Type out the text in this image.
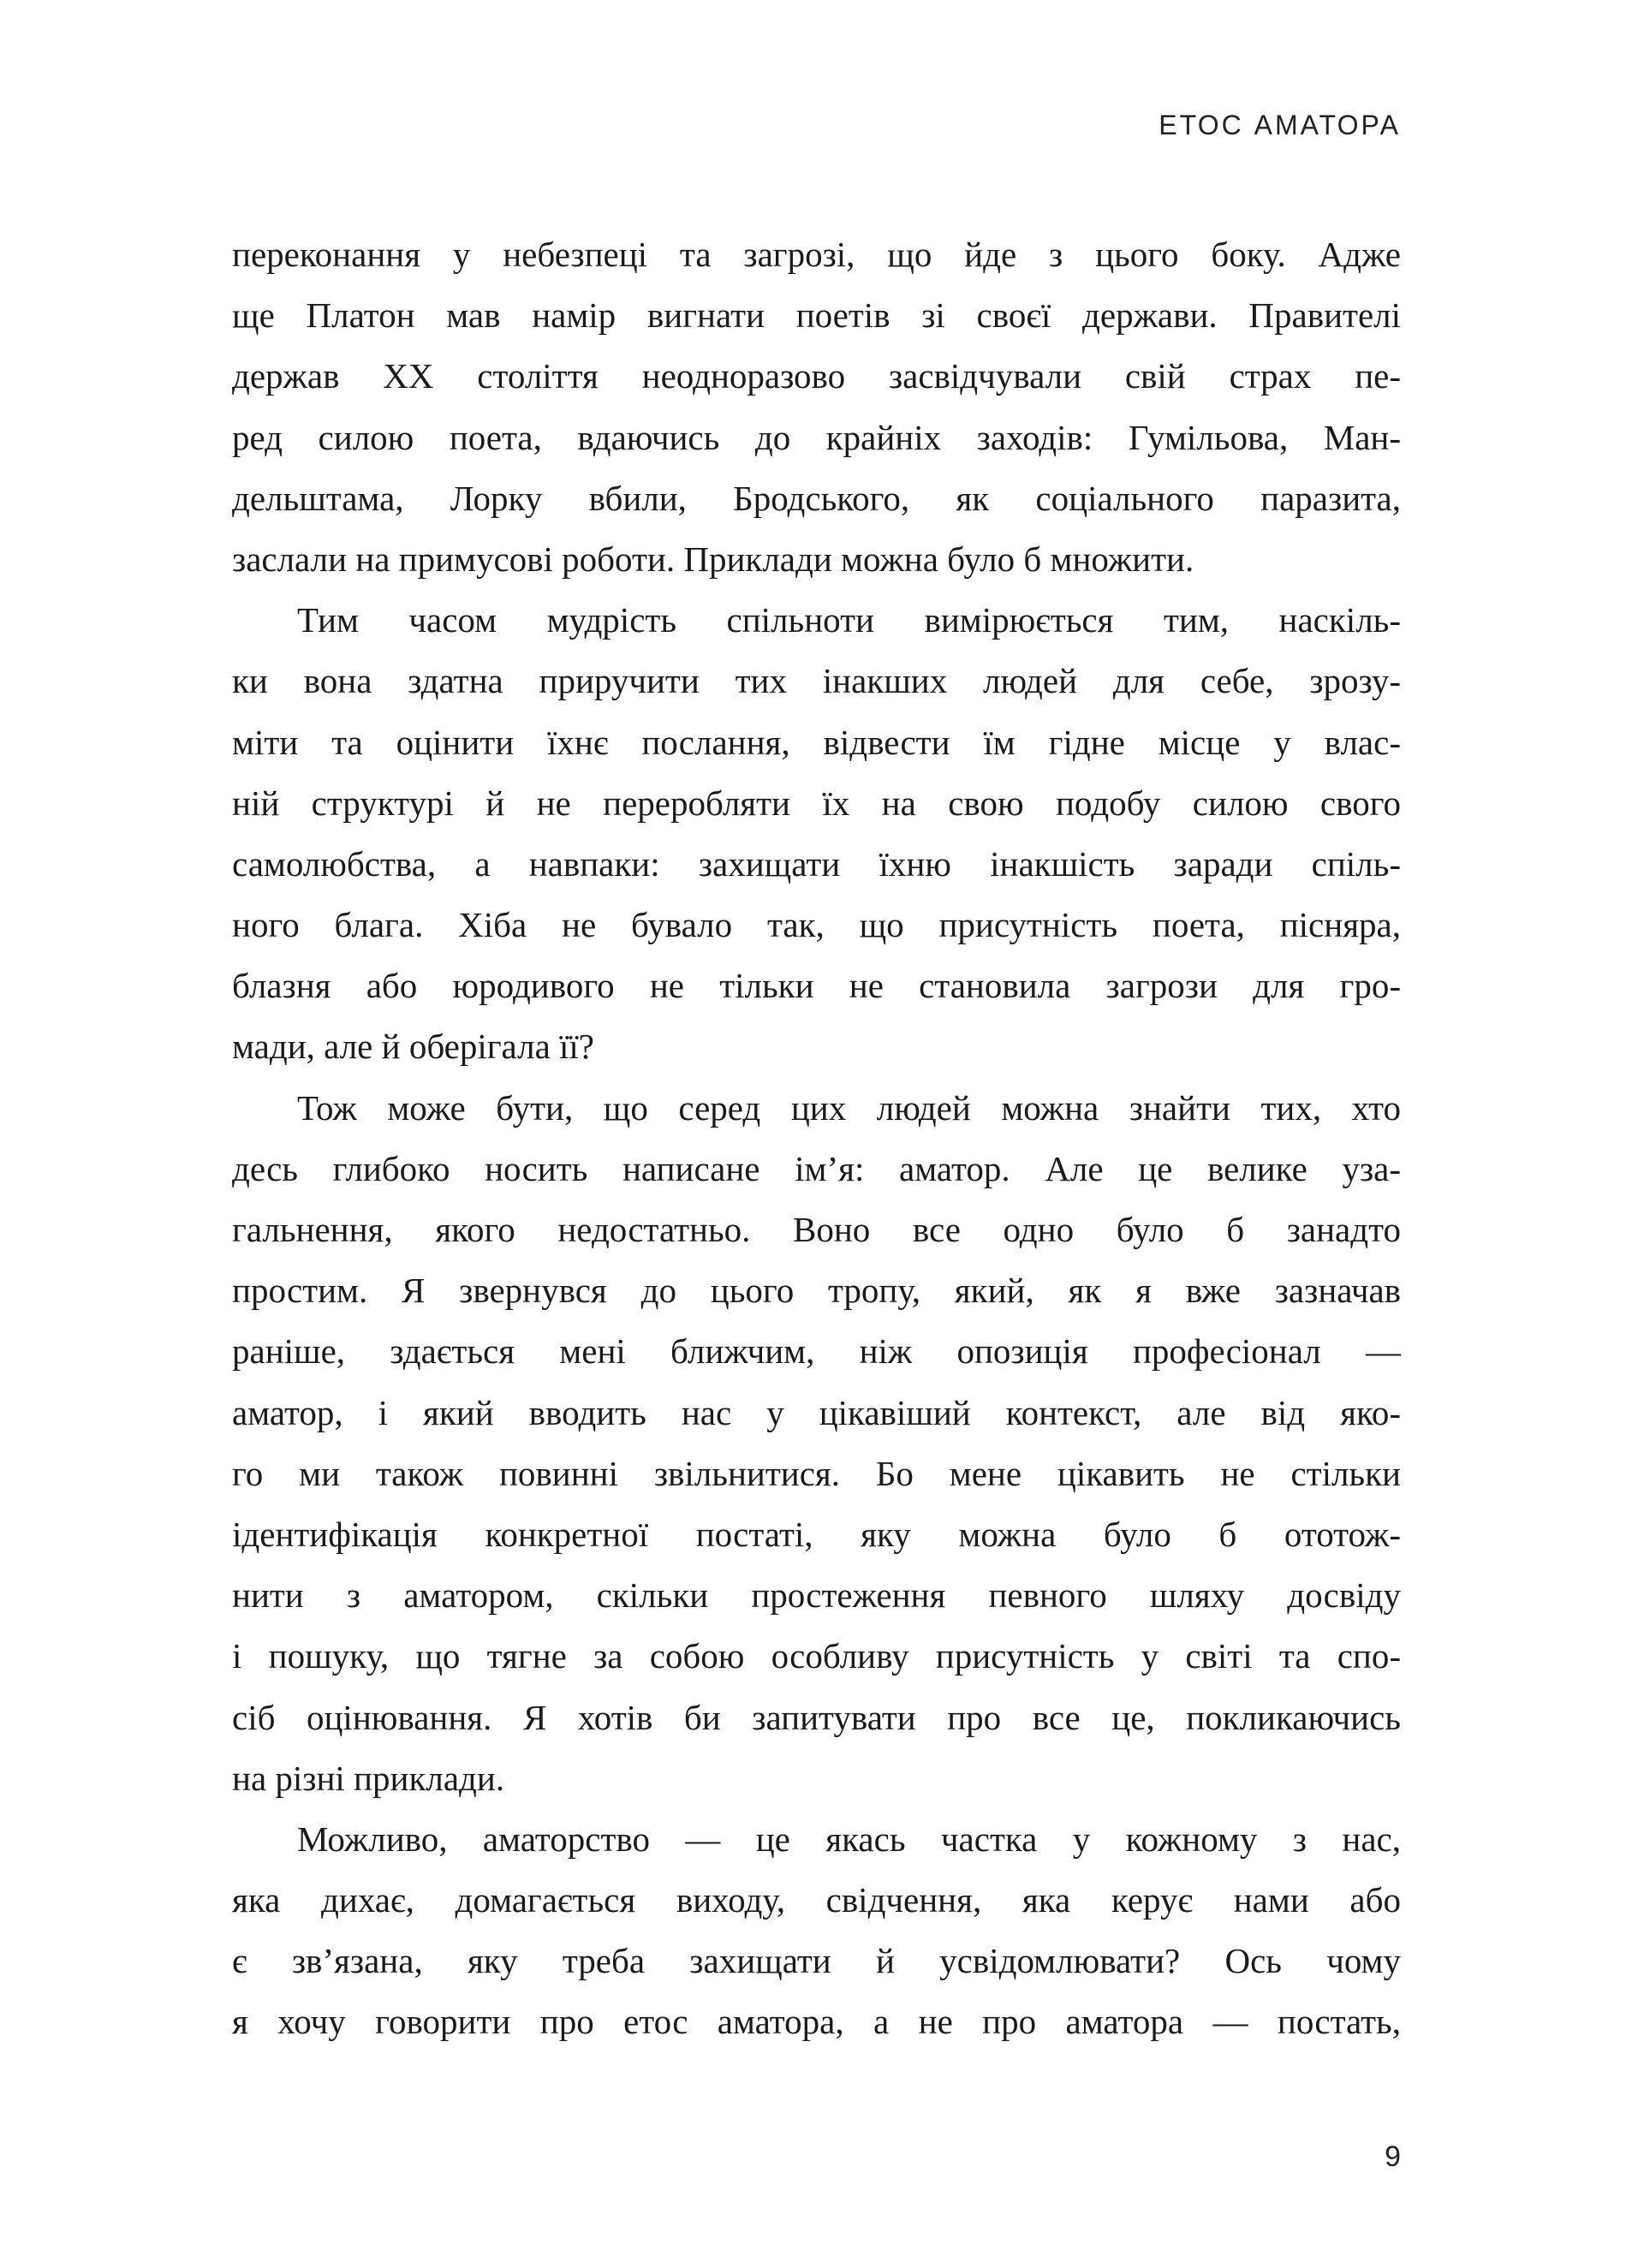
ЕТОС АМАТОРА
переконання у небезпеці та загрозі, що йде з цього боку. Адже
ще Платон мав намір вигнати поетів зі своєї держави. Правителі
держав XX століття неодноразово засвідчували свій страх пе-
ред силою поета, вдаючись до крайніх заходів: Гумільова, Ман-
дельштама, Лорку вбили, Бродського, як соціального паразита,
заслали на примусові роботи. Приклади можна було б множити.
Тим часом мудрість спільноти вимірюється тим, наскіль-
ки вона здатна приручити тих інакших людей для себе, зрозу-
міти та оцінити їхнє послання, відвести їм гідне місце у влас-
ній структурі й не переробляти їх на свою подобу силою свого
самолюбства, а навпаки: захищати їхню інакшість заради спіль-
ного блага. Хіба не бувало так, що присутність поета, пісняра,
блазня або юродивого не тільки не становила загрози для гро-
мади, але й оберігала її?
Тож може бути, що серед цих людей можна знайти тих, хто
десь глибоко носить написане ім’я: аматор. Але це велике уза-
гальнення, якого недостатньо. Воно все одно було б занадто
простим. Я звернувся до цього тропу, який, як я вже зазначав
раніше, здається мені ближчим, ніж опозиція професіонал —
аматор, і який вводить нас у цікавіший контекст, але від яко-
го ми також повинні звільнитися. Бо мене цікавить не стільки
ідентифікація конкретної постаті, яку можна було б ототож-
нити з аматором, скільки простеження певного шляху досвіду
і пошуку, що тягне за собою особливу присутність у світі та спо-
сіб оцінювання. Я хотів би запитувати про все це, покликаючись
на різні приклади.
Можливо, аматорство — це якась частка у кожному з нас,
яка дихає, домагається виходу, свідчення, яка керує нами або
є зв’язана, яку треба захищати й усвідомлювати? Ось чому
я хочу говорити про етос аматора, а не про аматора — постать,
9
